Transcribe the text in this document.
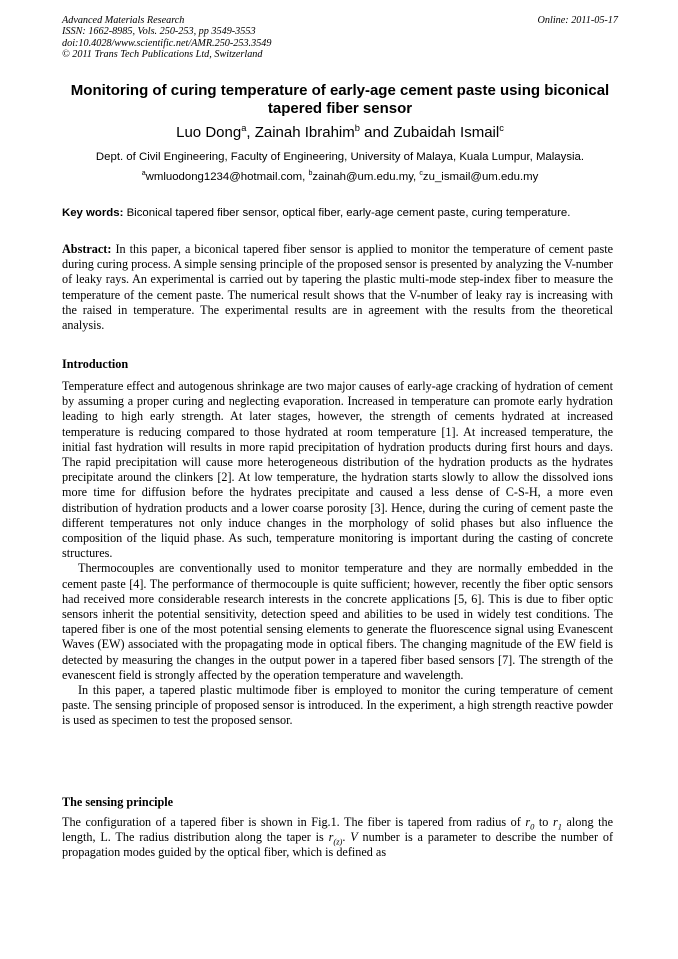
Advanced Materials Research
ISSN: 1662-8985, Vols. 250-253, pp 3549-3553
doi:10.4028/www.scientific.net/AMR.250-253.3549
© 2011 Trans Tech Publications Ltd, Switzerland
Online: 2011-05-17
Monitoring of curing temperature of early-age cement paste using biconical tapered fiber sensor
Luo Dong$^a$, Zainah Ibrahim$^b$ and Zubaidah Ismail$^c$
Dept. of Civil Engineering, Faculty of Engineering, University of Malaya, Kuala Lumpur, Malaysia.
$^a$wmluodong1234@hotmail.com, $^b$zainah@um.edu.my, $^c$zu_ismail@um.edu.my
Key words: Biconical tapered fiber sensor, optical fiber, early-age cement paste, curing temperature.
Abstract: In this paper, a biconical tapered fiber sensor is applied to monitor the temperature of cement paste during curing process. A simple sensing principle of the proposed sensor is presented by analyzing the V-number of leaky rays. An experimental is carried out by tapering the plastic multi-mode step-index fiber to measure the temperature of the cement paste. The numerical result shows that the V-number of leaky ray is increasing with the raised in temperature. The experimental results are in agreement with the results from the theoretical analysis.
Introduction

Temperature effect and autogenous shrinkage are two major causes of early-age cracking of hydration of cement by assuming a proper curing and neglecting evaporation. Increased in temperature can promote early hydration leading to high early strength. At later stages, however, the strength of cements hydrated at increased temperature is reducing compared to those hydrated at room temperature [1]. At increased temperature, the initial fast hydration will results in more rapid precipitation of hydration products during first hours and days. The rapid precipitation will cause more heterogeneous distribution of the hydration products as the hydrates precipitate around the clinkers [2]. At low temperature, the hydration starts slowly to allow the dissolved ions more time for diffusion before the hydrates precipitate and caused a less dense of C-S-H, a more even distribution of hydration products and a lower coarse porosity [3]. Hence, during the curing of cement paste the different temperatures not only induce changes in the morphology of solid phases but also influence the composition of the liquid phase. As such, temperature monitoring is important during the casting of concrete structures.

Thermocouples are conventionally used to monitor temperature and they are normally embedded in the cement paste [4]. The performance of thermocouple is quite sufficient; however, recently the fiber optic sensors had received more considerable research interests in the concrete applications [5, 6]. This is due to fiber optic sensors inherit the potential sensitivity, detection speed and abilities to be used in widely test conditions. The tapered fiber is one of the most potential sensing elements to generate the fluorescence signal using Evanescent Waves (EW) associated with the propagating mode in optical fibers. The changing magnitude of the EW field is detected by measuring the changes in the output power in a tapered fiber based sensors [7]. The strength of the evanescent field is strongly affected by the operation temperature and wavelength.

In this paper, a tapered plastic multimode fiber is employed to monitor the curing temperature of cement paste. The sensing principle of proposed sensor is introduced. In the experiment, a high strength reactive powder is used as specimen to test the proposed sensor.

The sensing principle

The configuration of a tapered fiber is shown in Fig.1. The fiber is tapered from radius of $r_0$ to $r_1$ along the length, L. The radius distribution along the taper is $r_{(z)}$. V number is a parameter to describe the number of propagation modes guided by the optical fiber, which is defined as
